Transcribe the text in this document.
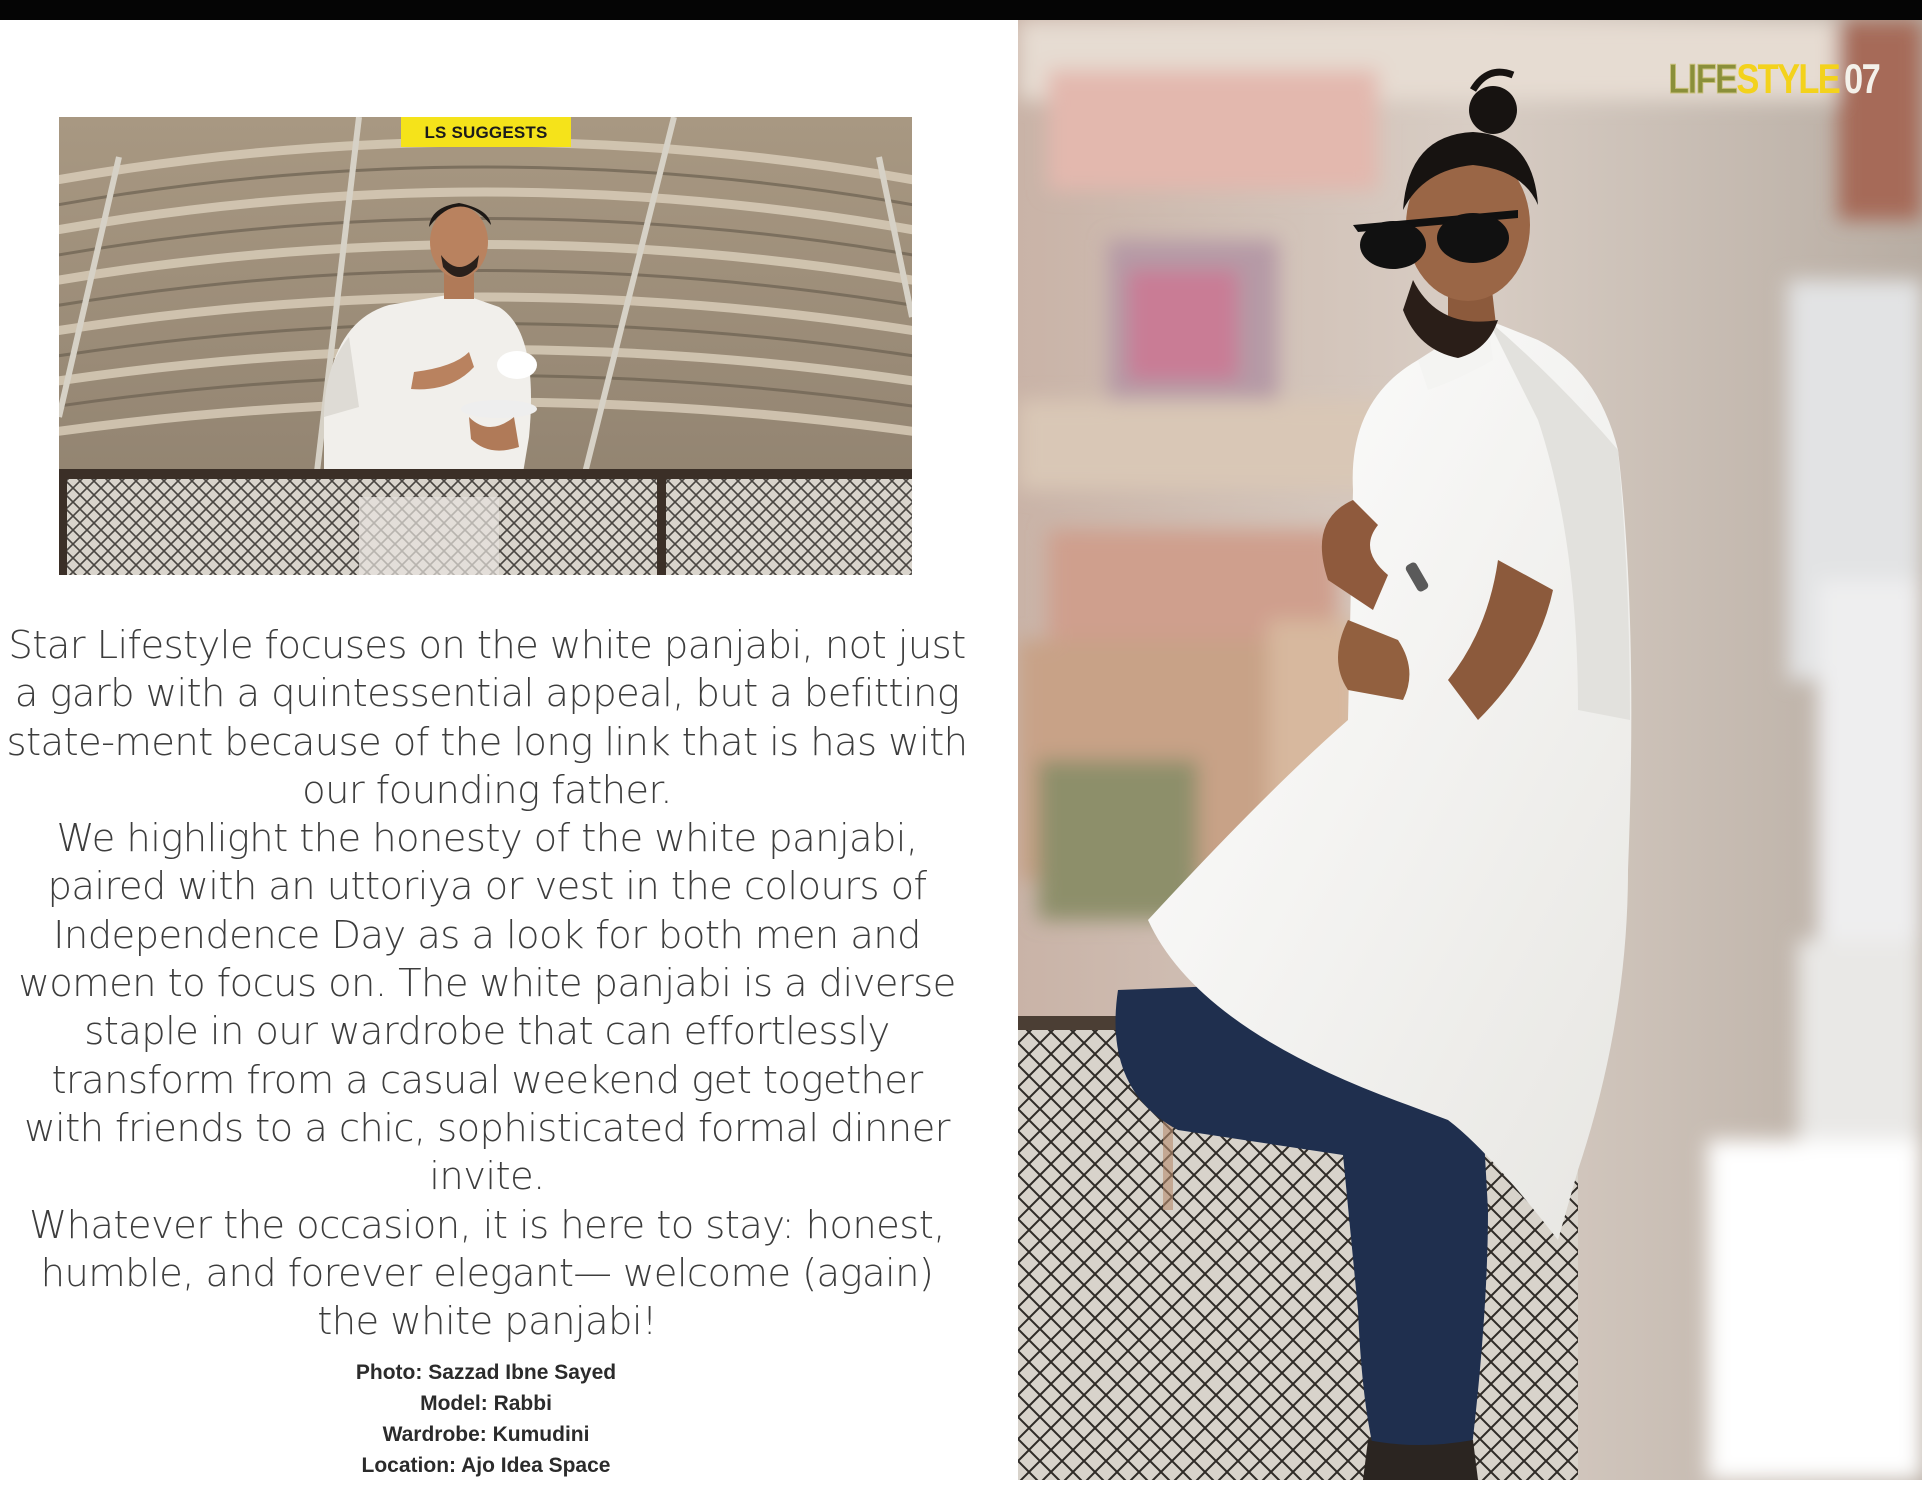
LS SUGGESTS

Star Lifestyle focuses on the white panjabi, not just a garb with a quintessential appeal, but a befitting state-ment because of the long link that is has with our founding father.

We highlight the honesty of the white panjabi, paired with an uttoriya or vest in the colours of Independence Day as a look for both men and women to focus on. The white panjabi is a diverse staple in our wardrobe that can effortlessly transform from a casual weekend get together with friends to a chic, sophisticated formal dinner invite.

Whatever the occasion, it is here to stay: honest, humble, and forever elegant— welcome (again) the white panjabi!

Photo: Sazzad Ibne Sayed
Model: Rabbi
Wardrobe: Kumudini
Location: Ajo Idea Space
LIFESTYLE 07
